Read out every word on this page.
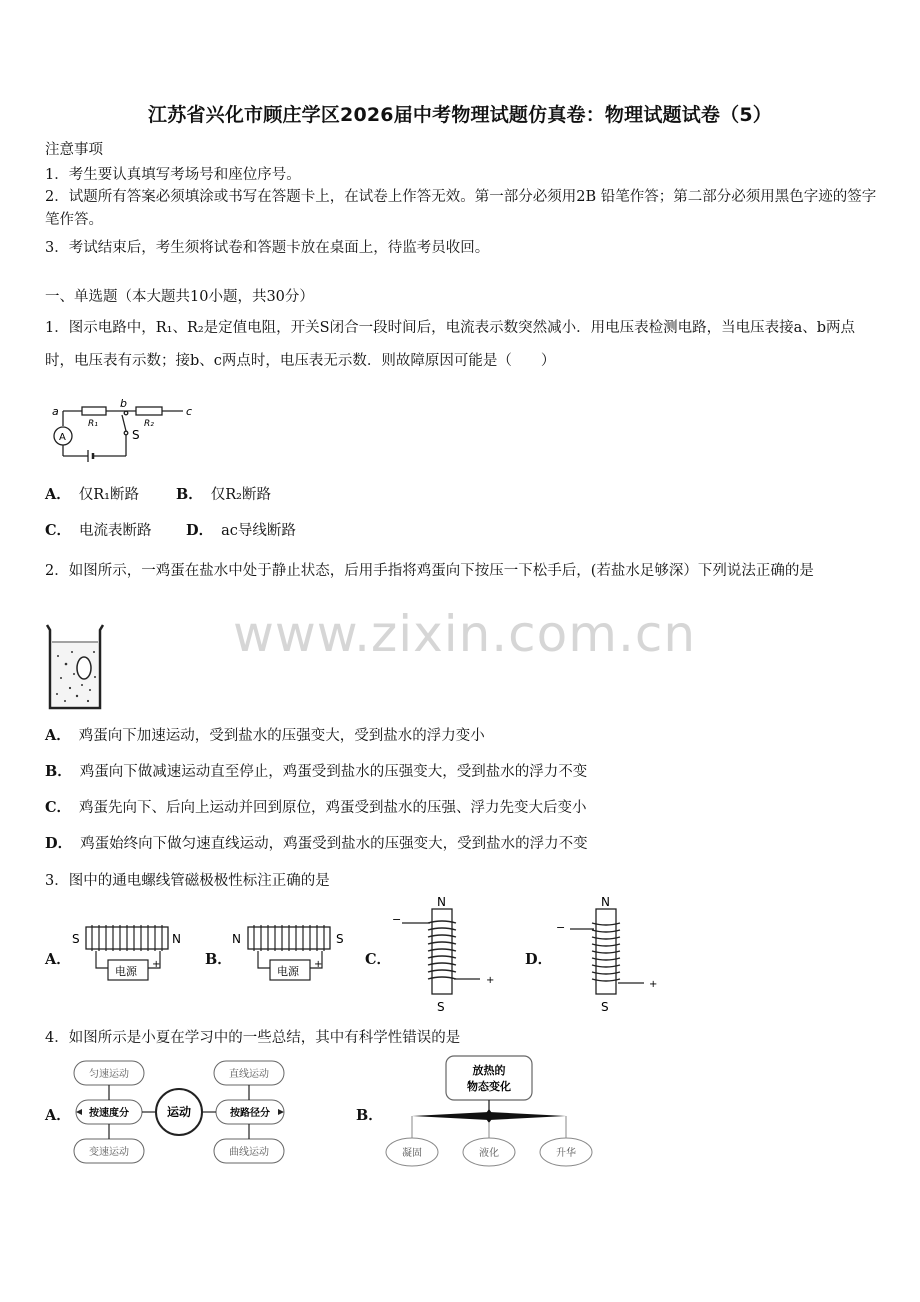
江苏省兴化市顾庄学区2026届中考物理试题仿真卷：物理试题试卷（5）
注意事项
1．考生要认真填写考场号和座位序号。
2．试题所有答案必须填涂或书写在答题卡上，在试卷上作答无效。第一部分必须用2B 铅笔作答；第二部分必须用黑色字迹的签字笔作答。
3．考试结束后，考生须将试卷和答题卡放在桌面上，待监考员收回。
一、单选题（本大题共10小题，共30分）
1．图示电路中，R₁、R₂是定值电阻，开关S闭合一段时间后，电流表示数突然减小．用电压表检测电路，当电压表接a、b两点时，电压表有示数；接b、c两点时，电压表无示数．则故障原因可能是（　　）
a
b
c
R₁	R₂
S
A
A． 仅R₁断路	B． 仅R₂断路
C． 电流表断路 D． ac导线断路
2．如图所示，一鸡蛋在盐水中处于静止状态，后用手指将鸡蛋向下按压一下松手后，(若盐水足够深）下列说法正确的是
A． 鸡蛋向下加速运动，受到盐水的压强变大，受到盐水的浮力变小
B． 鸡蛋向下做减速运动直至停止，鸡蛋受到盐水的压强变大，受到盐水的浮力不变
C． 鸡蛋先向下、后向上运动并回到原位，鸡蛋受到盐水的压强、浮力先变大后变小
D． 鸡蛋始终向下做匀速直线运动，鸡蛋受到盐水的压强变大，受到盐水的浮力不变
3．图中的通电螺线管磁极极性标注正确的是
A．
S	N
电源
+	B．
N	S
电源
+	C．
N
S
−
+
D．
N
S
−
+
4．如图所示是小夏在学习中的一些总结，其中有科学性错误的是
A．
匀速运动
变速运动
直线运动
曲线运动
按速度分	按路径分
运动	B．
放热的
物态变化
凝固	液化	升华
www.zixin.com.cn
